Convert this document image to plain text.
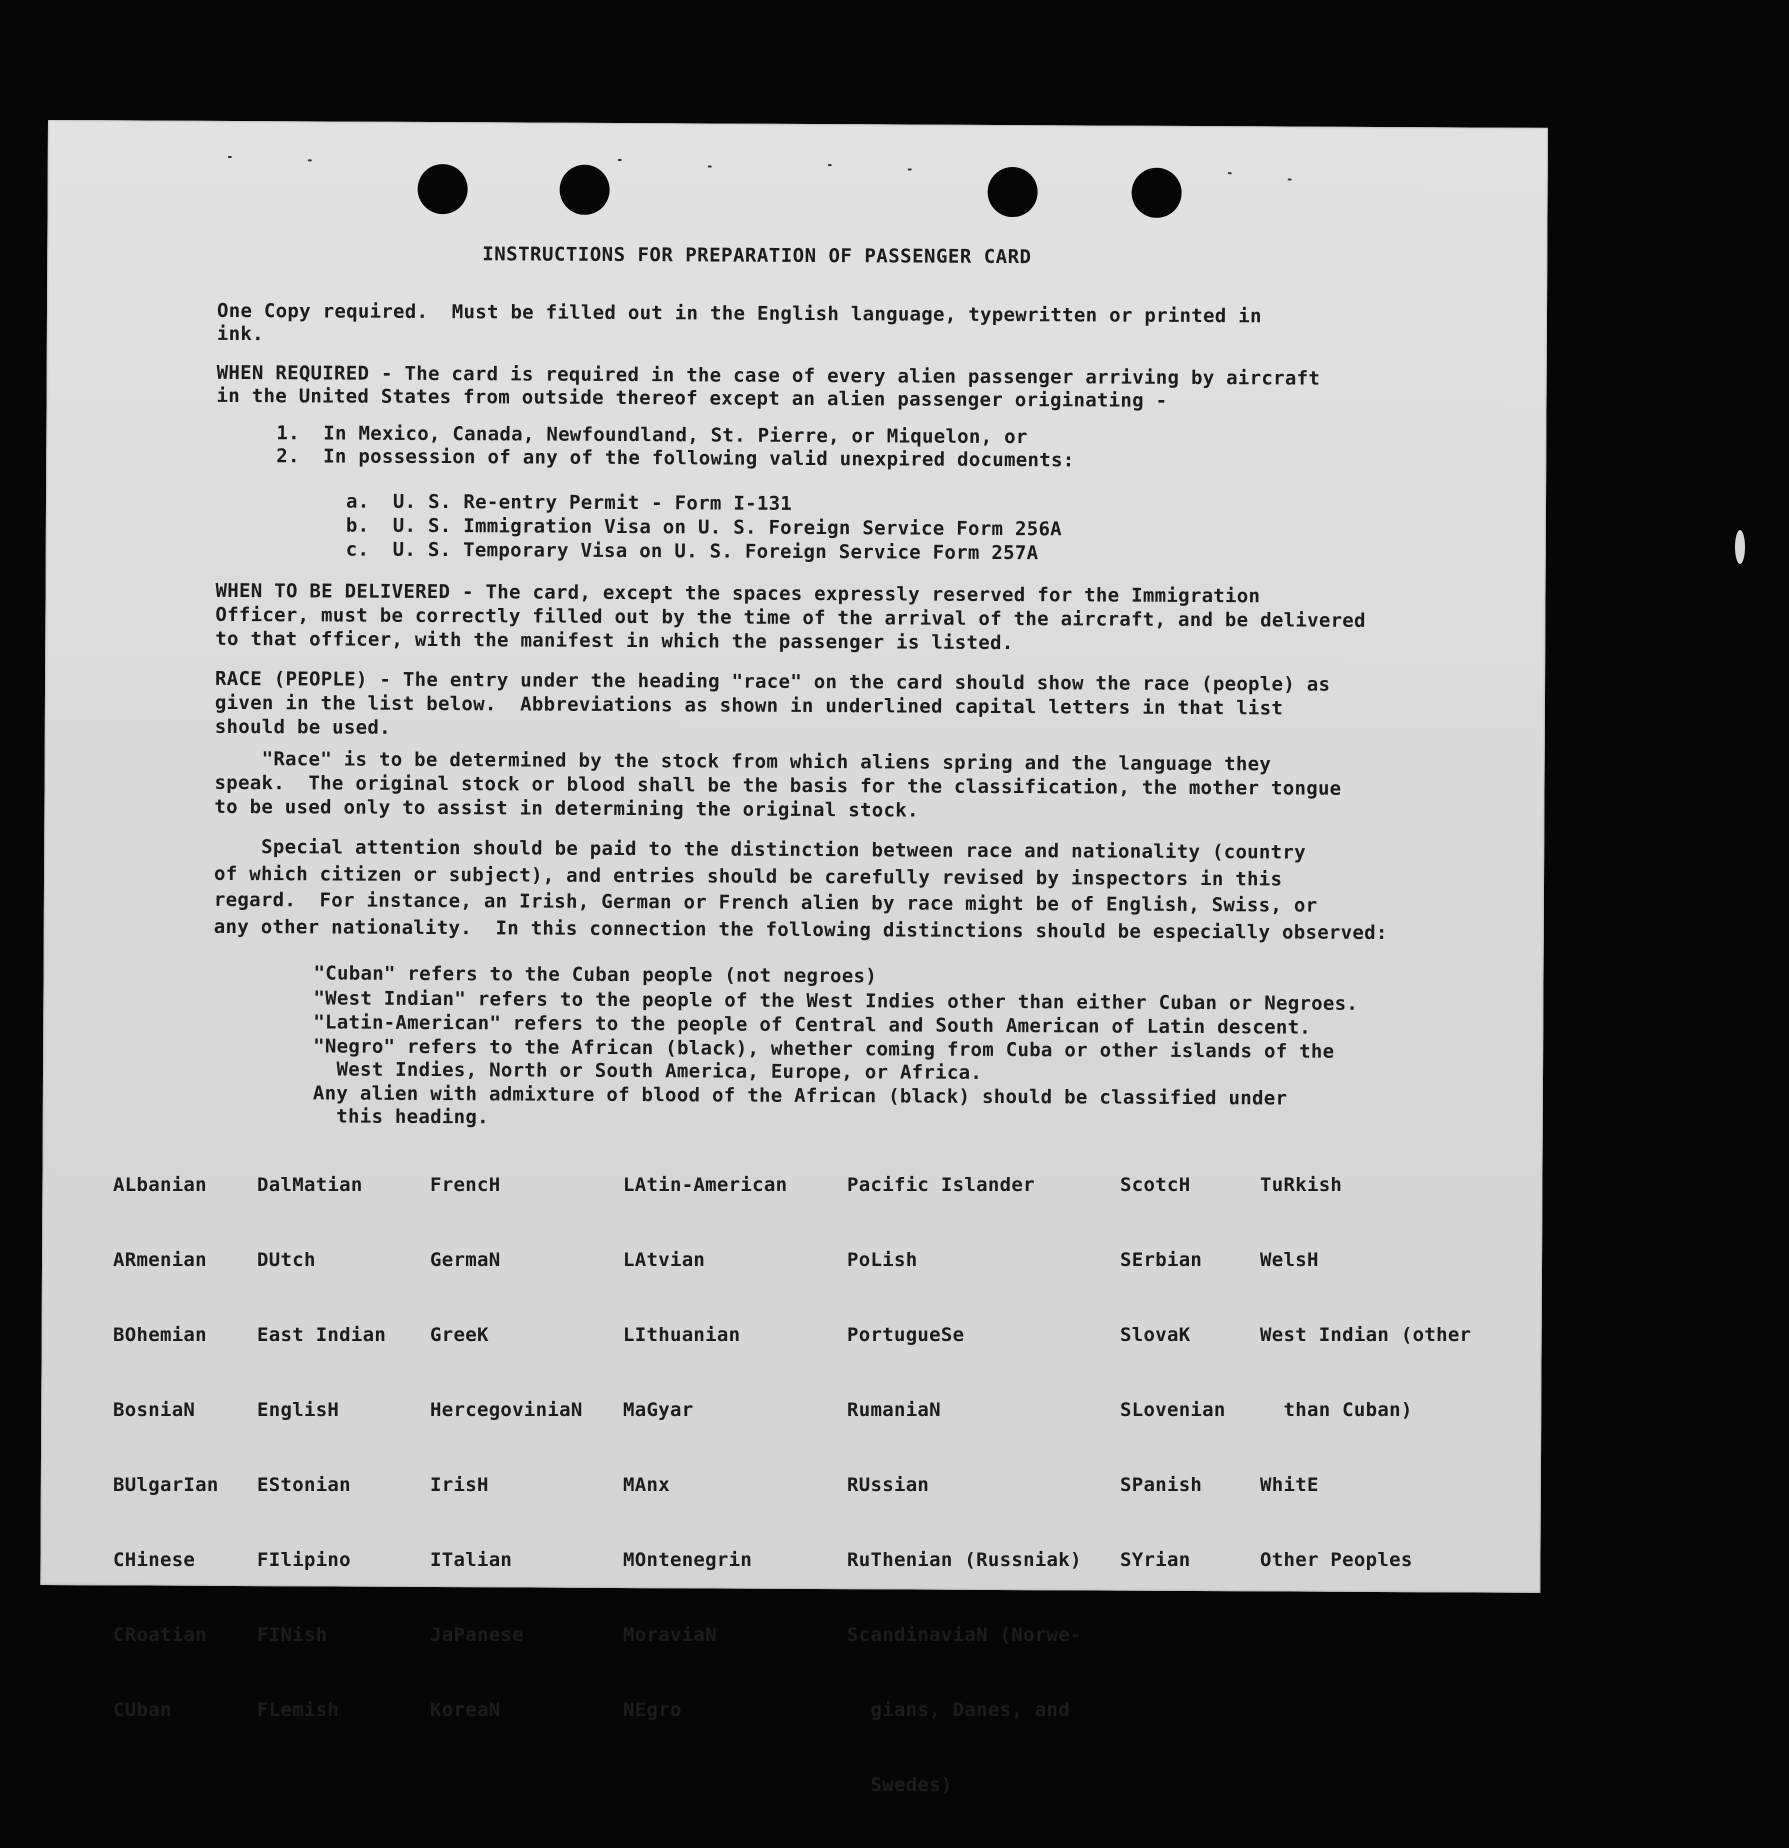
INSTRUCTIONS FOR PREPARATION OF PASSENGER CARD
One Copy required.  Must be filled out in the English language, typewritten or printed in
ink.
WHEN REQUIRED - The card is required in the case of every alien passenger arriving by aircraft
in the United States from outside thereof except an alien passenger originating -
1.  In Mexico, Canada, Newfoundland, St. Pierre, or Miquelon, or
2.  In possession of any of the following valid unexpired documents:
a.  U. S. Re-entry Permit - Form I-131
b.  U. S. Immigration Visa on U. S. Foreign Service Form 256A
c.  U. S. Temporary Visa on U. S. Foreign Service Form 257A
WHEN TO BE DELIVERED - The card, except the spaces expressly reserved for the Immigration
Officer, must be correctly filled out by the time of the arrival of the aircraft, and be delivered
to that officer, with the manifest in which the passenger is listed.
RACE (PEOPLE) - The entry under the heading "race" on the card should show the race (people) as
given in the list below.  Abbreviations as shown in underlined capital letters in that list
should be used.
"Race" is to be determined by the stock from which aliens spring and the language they
speak.  The original stock or blood shall be the basis for the classification, the mother tongue
to be used only to assist in determining the original stock.
Special attention should be paid to the distinction between race and nationality (country
of which citizen or subject), and entries should be carefully revised by inspectors in this
regard.  For instance, an Irish, German or French alien by race might be of English, Swiss, or
any other nationality.  In this connection the following distinctions should be especially observed:
"Cuban" refers to the Cuban people (not negroes)
"West Indian" refers to the people of the West Indies other than either Cuban or Negroes.
"Latin-American" refers to the people of Central and South American of Latin descent.
"Negro" refers to the African (black), whether coming from Cuba or other islands of the
West Indies, North or South America, Europe, or Africa.
Any alien with admixture of blood of the African (black) should be classified under
this heading.

ALbanian

ARmenian

BOhemian

BosniaN

BUlgarIan

CHinese

CRoatian

CUban

DalMatian

DUtch

East Indian

EnglisH

EStonian

FIlipino

FINish

FLemish

FrencH

GermaN

GreeK

HercegoviniaN

IrisH

ITalian

JaPanese

KoreaN

LAtin-American

LAtvian

LIthuanian

MaGyar

MAnx

MOntenegrin

MoraviaN

NEgro

Pacific Islander

PoLish

PortugueSe

RumaniaN

RUssian

RuThenian (Russniak)

ScandinaviaN (Norwe-

gians, Danes, and

Swedes)

ScotcH

SErbian

SlovaK

SLovenian

SPanish

SYrian

TuRkish

WelsH

West Indian (other

than Cuban)

WhitE

Other Peoples
